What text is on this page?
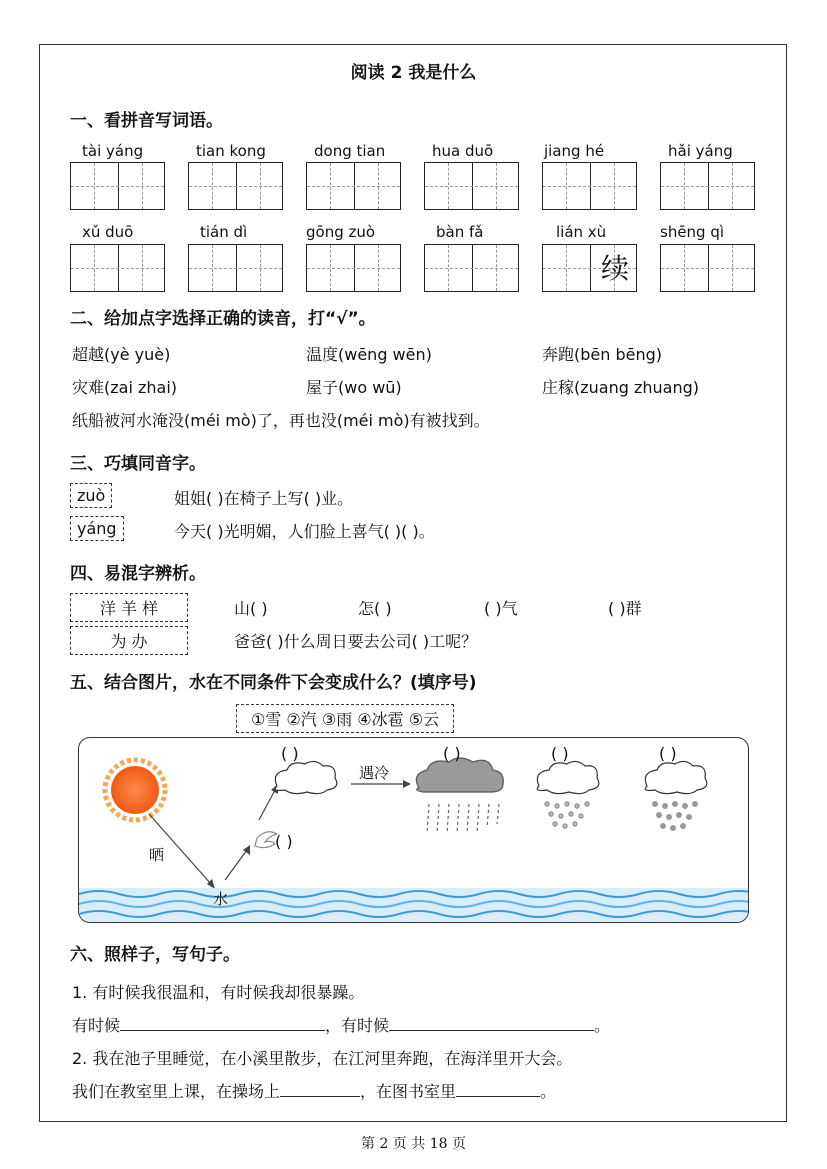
阅读 2 我是什么
一、看拼音写词语。
tài yáng	tian kong	dong tian	hua duō	jiang hé	hǎi yáng
xǔ duō	tián dì	gōng zuò	bàn fǎ	lián xù	shēng qì
续
二、给加点字选择正确的读音，打“√”。
超越(yè yuè)	温度(wēng wēn)	奔跑(bēn bēng)
灾难(zai zhai)	屋子(wo wū)	庄稼(zuang zhuang)
纸船被河水淹没(méi mò)了，再也没(méi mò)有被找到。
三、巧填同音字。
zuò	姐姐( )在椅子上写( )业。
yáng	今天( )光明媚，人们脸上喜气( )( )。
四、易混字辨析。
洋 羊 样	山( )	怎( )	( )气	( )群
为 办	爸爸( )什么周日要去公司( )工呢？
五、结合图片，水在不同条件下会变成什么？(填序号)
①雪 ②汽 ③雨 ④冰雹 ⑤云
晒
水
遇冷
( )
( )
( )	( )	( )
六、照样子，写句子。
1. 有时候我很温和，有时候我却很暴躁。
有时候	，有时候	。
2. 我在池子里睡觉，在小溪里散步，在江河里奔跑，在海洋里开大会。
我们在教室里上课，在操场上	，在图书室里	。
第 2 页 共 18 页
